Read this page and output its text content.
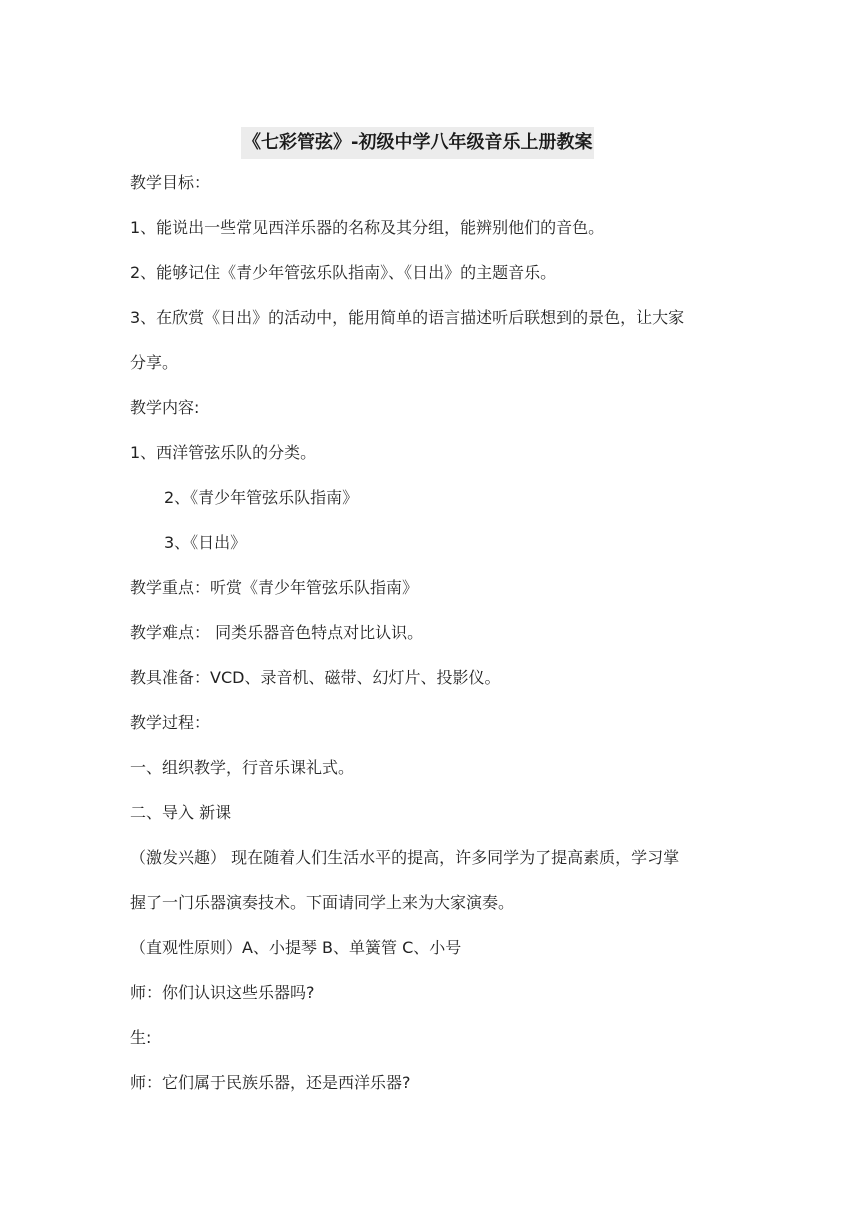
《七彩管弦》-初级中学八年级音乐上册教案
教学目标：
1、能说出一些常见西洋乐器的名称及其分组，能辨别他们的音色。
2、能够记住《青少年管弦乐队指南》、《日出》的主题音乐。
3、在欣赏《日出》的活动中，能用简单的语言描述听后联想到的景色，让大家
分享。
教学内容:
1、西洋管弦乐队的分类。
2、《青少年管弦乐队指南》
3、《日出》
教学重点：听赏《青少年管弦乐队指南》
教学难点： 同类乐器音色特点对比认识。
教具准备：VCD、录音机、磁带、幻灯片、投影仪。
教学过程：
一、组织教学，行音乐课礼式。
二、导入 新课
（激发兴趣） 现在随着人们生活水平的提高，许多同学为了提高素质，学习掌
握了一门乐器演奏技术。下面请同学上来为大家演奏。
（直观性原则）A、小提琴 B、单簧管 C、小号
师：你们认识这些乐器吗?
生:
师：它们属于民族乐器，还是西洋乐器?
